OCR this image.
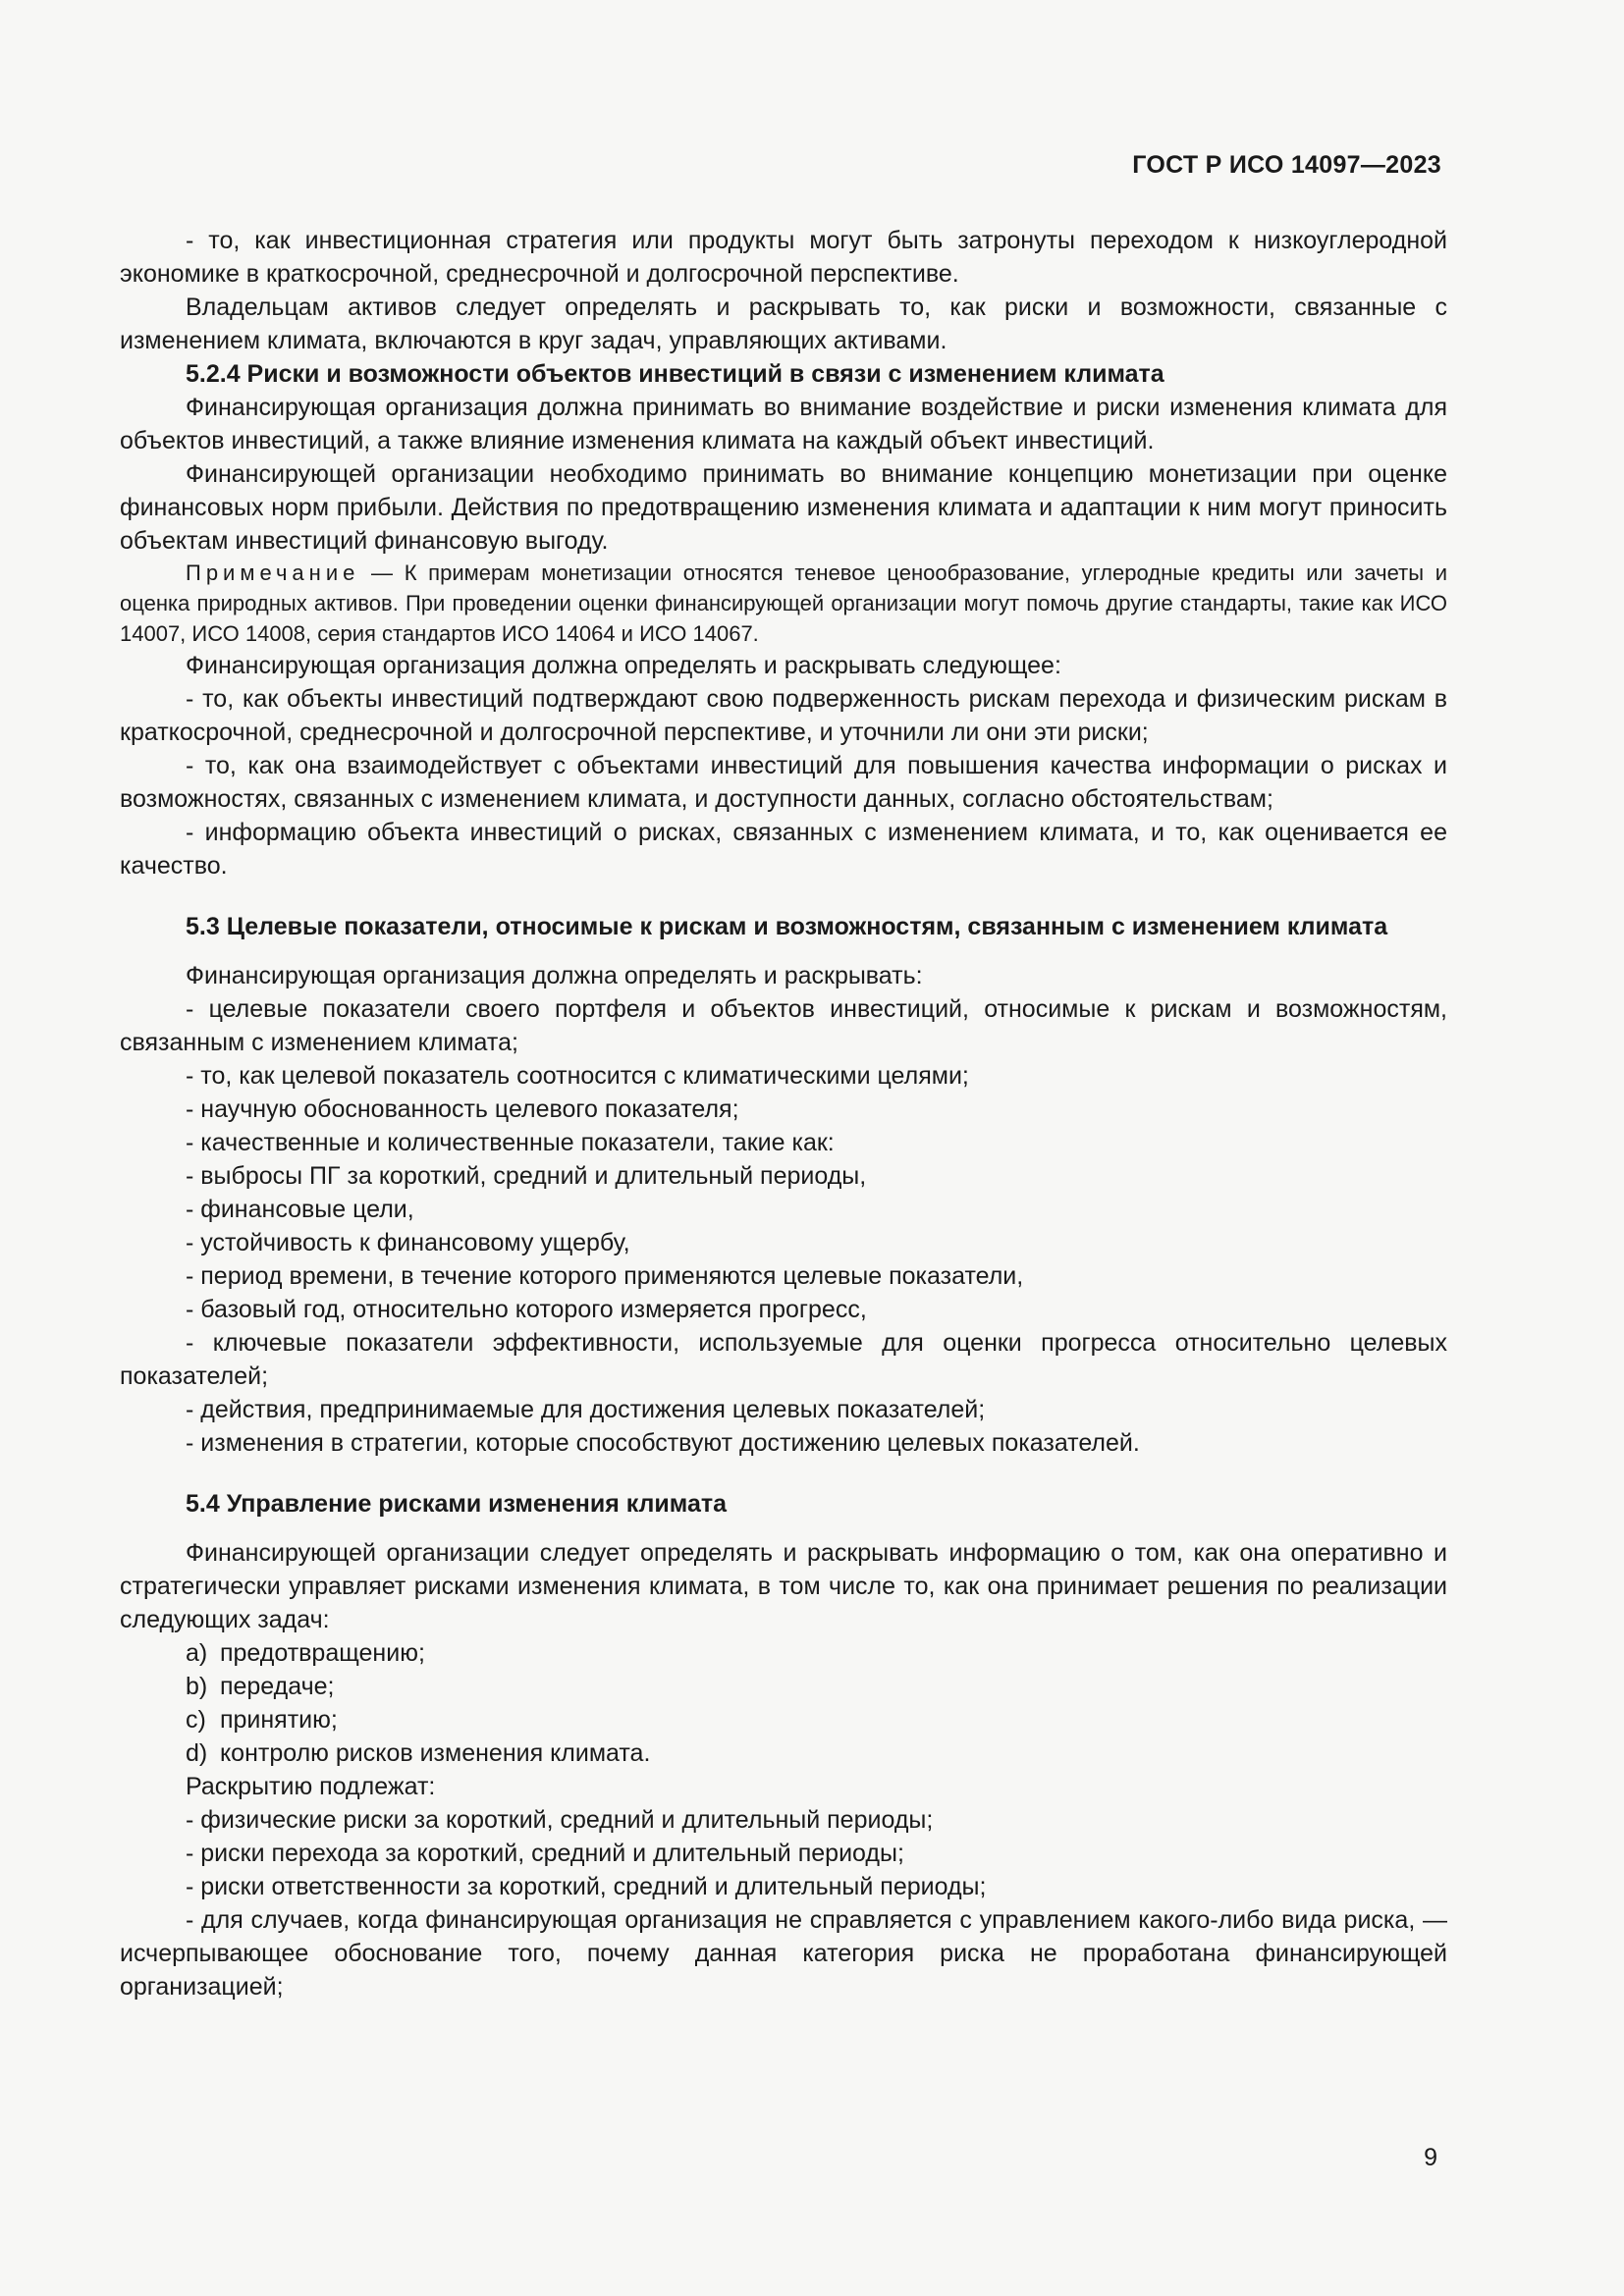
ГОСТ Р ИСО 14097—2023

- то, как инвестиционная стратегия или продукты могут быть затронуты переходом к низкоуглеродной экономике в краткосрочной, среднесрочной и долгосрочной перспективе.

Владельцам активов следует определять и раскрывать то, как риски и возможности, связанные с изменением климата, включаются в круг задач, управляющих активами.

5.2.4 Риски и возможности объектов инвестиций в связи с изменением климата

Финансирующая организация должна принимать во внимание воздействие и риски изменения климата для объектов инвестиций, а также влияние изменения климата на каждый объект инвестиций.

Финансирующей организации необходимо принимать во внимание концепцию монетизации при оценке финансовых норм прибыли. Действия по предотвращению изменения климата и адаптации к ним могут приносить объектам инвестиций финансовую выгоду.

Примечание — К примерам монетизации относятся теневое ценообразование, углеродные кредиты или зачеты и оценка природных активов. При проведении оценки финансирующей организации могут помочь другие стандарты, такие как ИСО 14007, ИСО 14008, серия стандартов ИСО 14064 и ИСО 14067.

Финансирующая организация должна определять и раскрывать следующее:

- то, как объекты инвестиций подтверждают свою подверженность рискам перехода и физическим рискам в краткосрочной, среднесрочной и долгосрочной перспективе, и уточнили ли они эти риски;

- то, как она взаимодействует с объектами инвестиций для повышения качества информации о рисках и возможностях, связанных с изменением климата, и доступности данных, согласно обстоятельствам;

- информацию объекта инвестиций о рисках, связанных с изменением климата, и то, как оценивается ее качество.

5.3 Целевые показатели, относимые к рискам и возможностям, связанным с изменением климата

Финансирующая организация должна определять и раскрывать:

- целевые показатели своего портфеля и объектов инвестиций, относимые к рискам и возможностям, связанным с изменением климата;

- то, как целевой показатель соотносится с климатическими целями;

- научную обоснованность целевого показателя;

- качественные и количественные показатели, такие как:

- выбросы ПГ за короткий, средний и длительный периоды,

- финансовые цели,

- устойчивость к финансовому ущербу,

- период времени, в течение которого применяются целевые показатели,

- базовый год, относительно которого измеряется прогресс,

- ключевые показатели эффективности, используемые для оценки прогресса относительно целевых показателей;

- действия, предпринимаемые для достижения целевых показателей;

- изменения в стратегии, которые способствуют достижению целевых показателей.

5.4 Управление рисками изменения климата

Финансирующей организации следует определять и раскрывать информацию о том, как она оперативно и стратегически управляет рисками изменения климата, в том числе то, как она принимает решения по реализации следующих задач:

a) предотвращению;

b) передаче;

c) принятию;

d) контролю рисков изменения климата.

Раскрытию подлежат:

- физические риски за короткий, средний и длительный периоды;

- риски перехода за короткий, средний и длительный периоды;

- риски ответственности за короткий, средний и длительный периоды;

- для случаев, когда финансирующая организация не справляется с управлением какого-либо вида риска, — исчерпывающее обоснование того, почему данная категория риска не проработана финансирующей организацией;

9
